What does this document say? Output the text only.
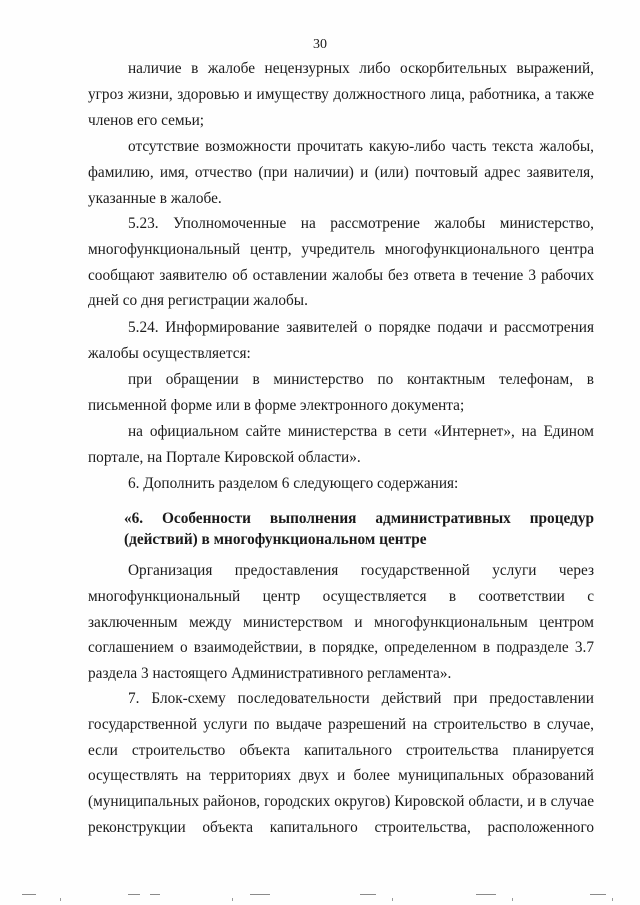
30

наличие в жалобе нецензурных либо оскорбительных выражений, угроз жизни, здоровью и имуществу должностного лица, работника, а также членов его семьи;

отсутствие возможности прочитать какую-либо часть текста жалобы, фамилию, имя, отчество (при наличии) и (или) почтовый адрес заявителя, указанные в жалобе.

5.23. Уполномоченные на рассмотрение жалобы министерство, многофункциональный центр, учредитель многофункционального центра сообщают заявителю об оставлении жалобы без ответа в течение 3 рабочих дней со дня регистрации жалобы.

5.24. Информирование заявителей о порядке подачи и рассмотрения жалобы осуществляется:

при обращении в министерство по контактным телефонам, в письменной форме или в форме электронного документа;

на официальном сайте министерства в сети «Интернет», на Едином портале, на Портале Кировской области».

6. Дополнить разделом 6 следующего содержания:

«6. Особенности выполнения административных процедур (действий) в многофункциональном центре

Организация предоставления государственной услуги через многофункциональный центр осуществляется в соответствии с заключенным между министерством и многофункциональным центром соглашением о взаимодействии, в порядке, определенном в подразделе 3.7 раздела 3 настоящего Административного регламента».

7. Блок-схему последовательности действий при предоставлении государственной услуги по выдаче разрешений на строительство в случае, если строительство объекта капитального строительства планируется осуществлять на территориях двух и более муниципальных образований (муниципальных районов, городских округов) Кировской области, и в случае реконструкции объекта капитального строительства, расположенного
